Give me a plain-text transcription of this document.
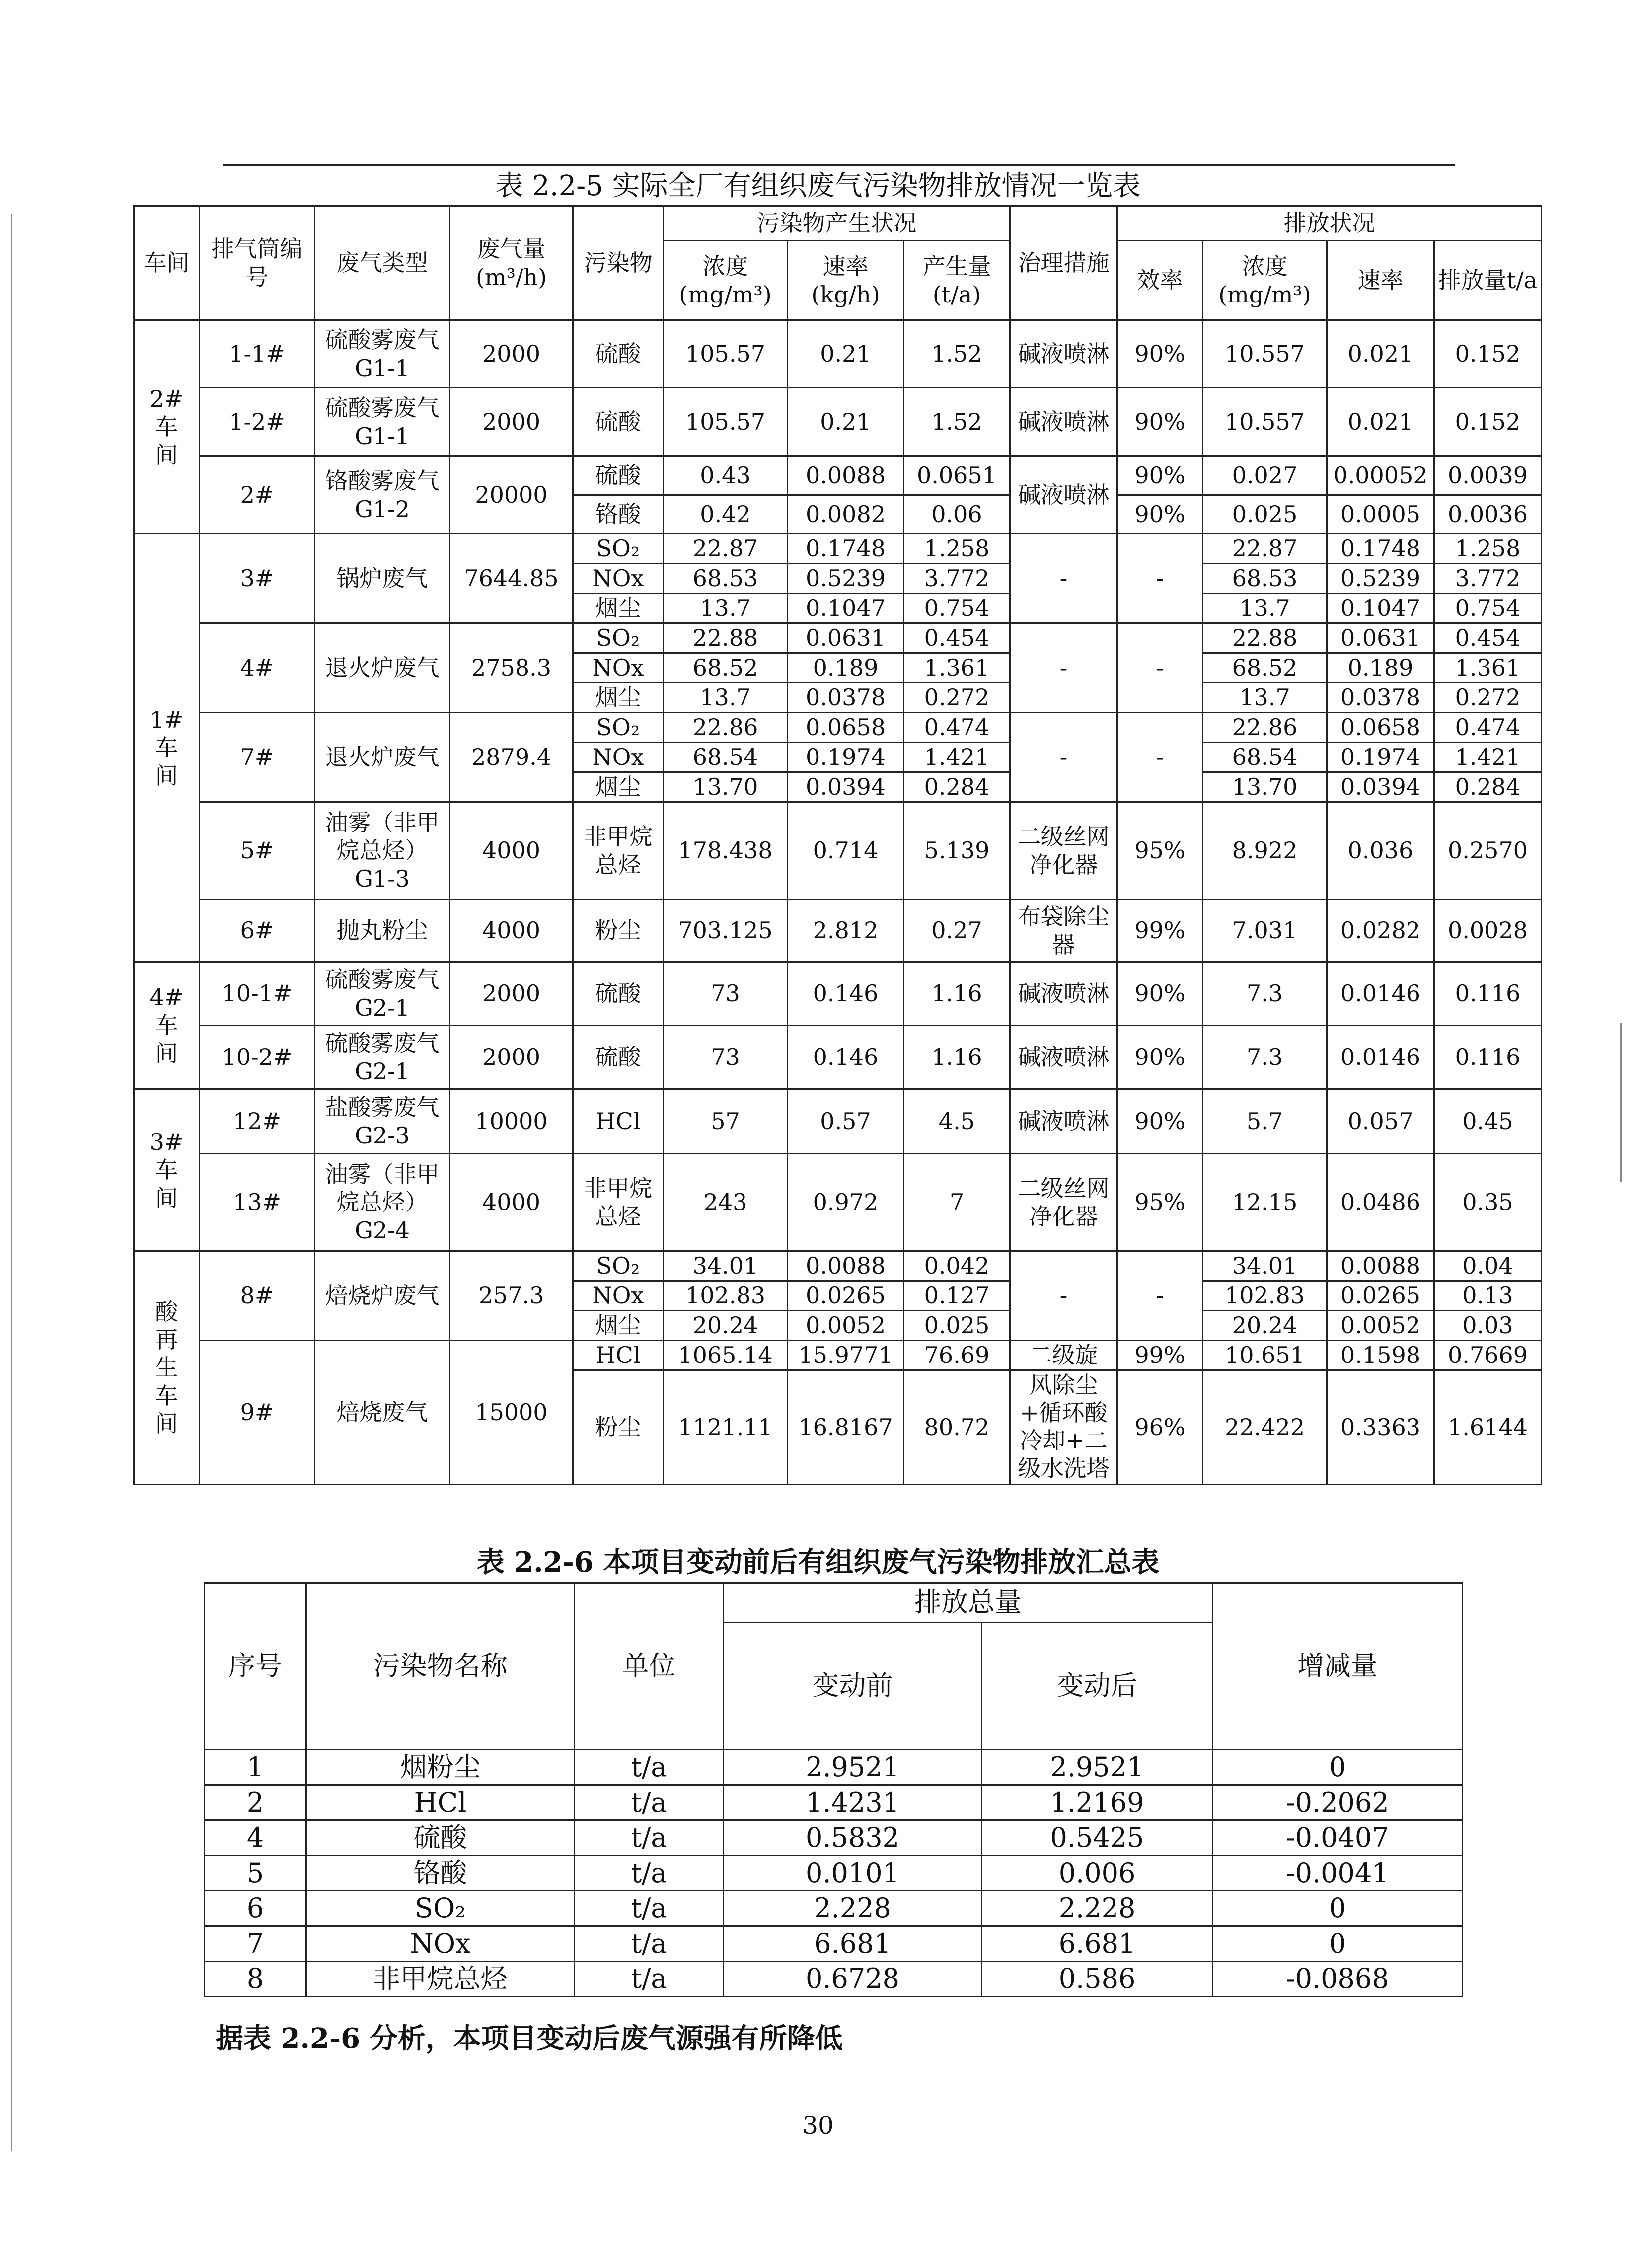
表 2.2-5 实际全厂有组织废气污染物排放情况一览表
车间	排气筒编号	废气类型	废气量(m³/h)	污染物	污染物产生状况			治理措施	排放状况			
					浓度(mg/m³)	速率(kg/h)	产生量(t/a)		效率	浓度(mg/m³)	速率	排放量t/a
2#车间	1-1#	硫酸雾废气 G1-1	2000	硫酸	105.57	0.21	1.52	碱液喷淋	90%	10.557	0.021	0.152
	1-2#	硫酸雾废气 G1-1	2000	硫酸	105.57	0.21	1.52	碱液喷淋	90%	10.557	0.021	0.152
	2#	铬酸雾废气 G1-2	20000	硫酸	0.43	0.0088	0.0651	碱液喷淋	90%	0.027	0.00052	0.0039
				铬酸	0.42	0.0082	0.06		90%	0.025	0.0005	0.0036
1#车间	3#	锅炉废气	7644.85	SO₂	22.87	0.1748	1.258	-	-	22.87	0.1748	1.258
				NOx	68.53	0.5239	3.772			68.53	0.5239	3.772
				烟尘	13.7	0.1047	0.754			13.7	0.1047	0.754
	4#	退火炉废气	2758.3	SO₂	22.88	0.0631	0.454	-	-	22.88	0.0631	0.454
				NOx	68.52	0.189	1.361			68.52	0.189	1.361
				烟尘	13.7	0.0378	0.272			13.7	0.0378	0.272
	7#	退火炉废气	2879.4	SO₂	22.86	0.0658	0.474	-	-	22.86	0.0658	0.474
				NOx	68.54	0.1974	1.421			68.54	0.1974	1.421
				烟尘	13.70	0.0394	0.284			13.70	0.0394	0.284
	5#	油雾（非甲烷总烃）G1-3	4000	非甲烷总烃	178.438	0.714	5.139	二级丝网净化器	95%	8.922	0.036	0.2570
	6#	抛丸粉尘	4000	粉尘	703.125	2.812	0.27	布袋除尘器	99%	7.031	0.0282	0.0028
4#车间	10-1#	硫酸雾废气 G2-1	2000	硫酸	73	0.146	1.16	碱液喷淋	90%	7.3	0.0146	0.116
	10-2#	硫酸雾废气 G2-1	2000	硫酸	73	0.146	1.16	碱液喷淋	90%	7.3	0.0146	0.116
3#车间	12#	盐酸雾废气 G2-3	10000	HCl	57	0.57	4.5	碱液喷淋	90%	5.7	0.057	0.45
	13#	油雾（非甲烷总烃）G2-4	4000	非甲烷总烃	243	0.972	7	二级丝网净化器	95%	12.15	0.0486	0.35
酸再生车间	8#	焙烧炉废气	257.3	SO₂	34.01	0.0088	0.042	-	-	34.01	0.0088	0.04
				NOx	102.83	0.0265	0.127			102.83	0.0265	0.13
				烟尘	20.24	0.0052	0.025			20.24	0.0052	0.03
	9#	焙烧废气	15000	HCl	1065.14	15.9771	76.69	二级旋	99%	10.651	0.1598	0.7669
				粉尘	1121.11	16.8167	80.72	风除尘+循环酸冷却+二级水洗塔	96%	22.422	0.3363	1.6144
表 2.2-6 本项目变动前后有组织废气污染物排放汇总表
序号	污染物名称	单位	排放总量		增减量
			变动前	变动后	
1	烟粉尘	t/a	2.9521	2.9521	0
2	HCl	t/a	1.4231	1.2169	-0.2062
4	硫酸	t/a	0.5832	0.5425	-0.0407
5	铬酸	t/a	0.0101	0.006	-0.0041
6	SO₂	t/a	2.228	2.228	0
7	NOx	t/a	6.681	6.681	0
8	非甲烷总烃	t/a	0.6728	0.586	-0.0868
据表 2.2-6 分析，本项目变动后废气源强有所降低
30
